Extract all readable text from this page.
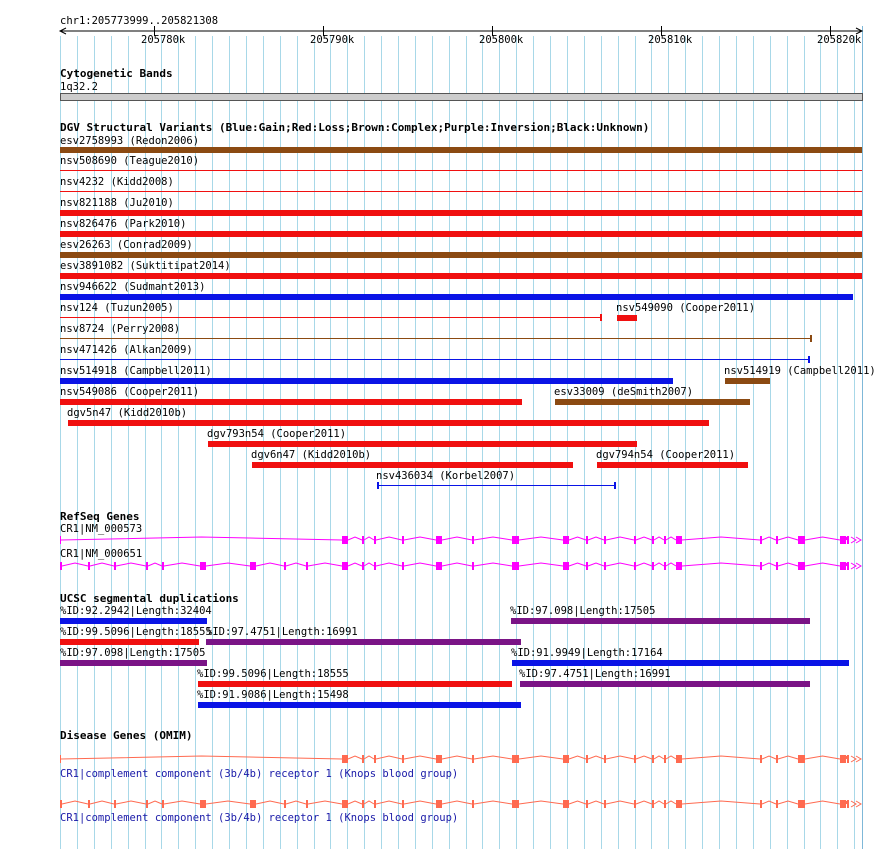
chr1:205773999..205821308
205780k	205790k	205800k	205810k	205820k
Cytogenetic Bands
1q32.2
DGV Structural Variants (Blue:Gain;Red:Loss;Brown:Complex;Purple:Inversion;Black:Unknown)
esv2758993 (Redon2006)
nsv508690 (Teague2010)
nsv4232 (Kidd2008)
nsv821188 (Ju2010)
nsv826476 (Park2010)
esv26263 (Conrad2009)
esv3891082 (Suktitipat2014)
nsv946622 (Sudmant2013)
nsv124 (Tuzun2005)	nsv549090 (Cooper2011)
nsv8724 (Perry2008)
nsv471426 (Alkan2009)
nsv514918 (Campbell2011)	nsv514919 (Campbell2011)
nsv549086 (Cooper2011)	esv33009 (deSmith2007)
dgv5n47 (Kidd2010b)
dgv793n54 (Cooper2011)
dgv6n47 (Kidd2010b)	dgv794n54 (Cooper2011)
nsv436034 (Korbel2007)
RefSeq Genes
CR1|NM_000573
CR1|NM_000651
UCSC segmental duplications
%ID:92.2942|Length:32404	%ID:97.098|Length:17505
%ID:99.5096|Length:18555
%ID:97.4751|Length:16991
%ID:97.098|Length:17505	%ID:91.9949|Length:17164
%ID:99.5096|Length:18555	%ID:97.4751|Length:16991
%ID:91.9086|Length:15498
Disease Genes (OMIM)
CR1|complement component (3b/4b) receptor 1 (Knops blood group)
CR1|complement component (3b/4b) receptor 1 (Knops blood group)
